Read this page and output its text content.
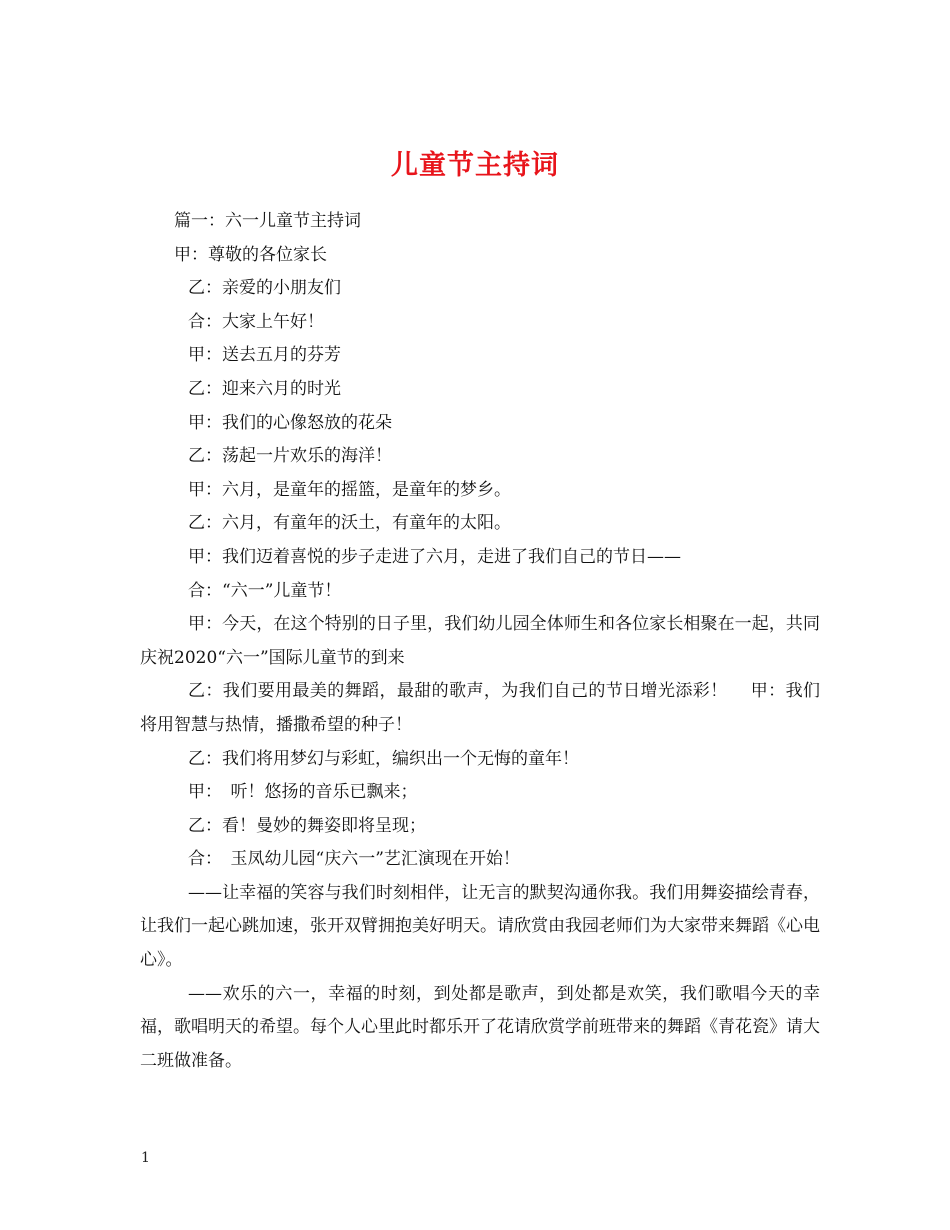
儿童节主持词

篇一：六一儿童节主持词

甲：尊敬的各位家长

乙：亲爱的小朋友们

合：大家上午好！

甲：送去五月的芬芳

乙：迎来六月的时光

甲：我们的心像怒放的花朵

乙：荡起一片欢乐的海洋！

甲：六月，是童年的摇篮，是童年的梦乡。

乙：六月，有童年的沃土，有童年的太阳。

甲：我们迈着喜悦的步子走进了六月，走进了我们自己的节日——

合：“六一”儿童节！

甲：今天，在这个特别的日子里，我们幼儿园全体师生和各位家长相聚在一起，共同庆祝2020“六一”国际儿童节的到来

乙：我们要用最美的舞蹈，最甜的歌声，为我们自己的节日增光添彩！　 甲：我们将用智慧与热情，播撒希望的种子！

乙：我们将用梦幻与彩虹，编织出一个无悔的童年！

甲：　听！悠扬的音乐已飘来；

乙：看！曼妙的舞姿即将呈现；

合：　玉凤幼儿园“庆六一”艺汇演现在开始！

——让幸福的笑容与我们时刻相伴，让无言的默契沟通你我。我们用舞姿描绘青春，让我们一起心跳加速，张开双臂拥抱美好明天。请欣赏由我园老师们为大家带来舞蹈《心电心》。

——欢乐的六一，幸福的时刻，到处都是歌声，到处都是欢笑，我们歌唱今天的幸福，歌唱明天的希望。每个人心里此时都乐开了花请欣赏学前班带来的舞蹈《青花瓷》请大二班做准备。

1
